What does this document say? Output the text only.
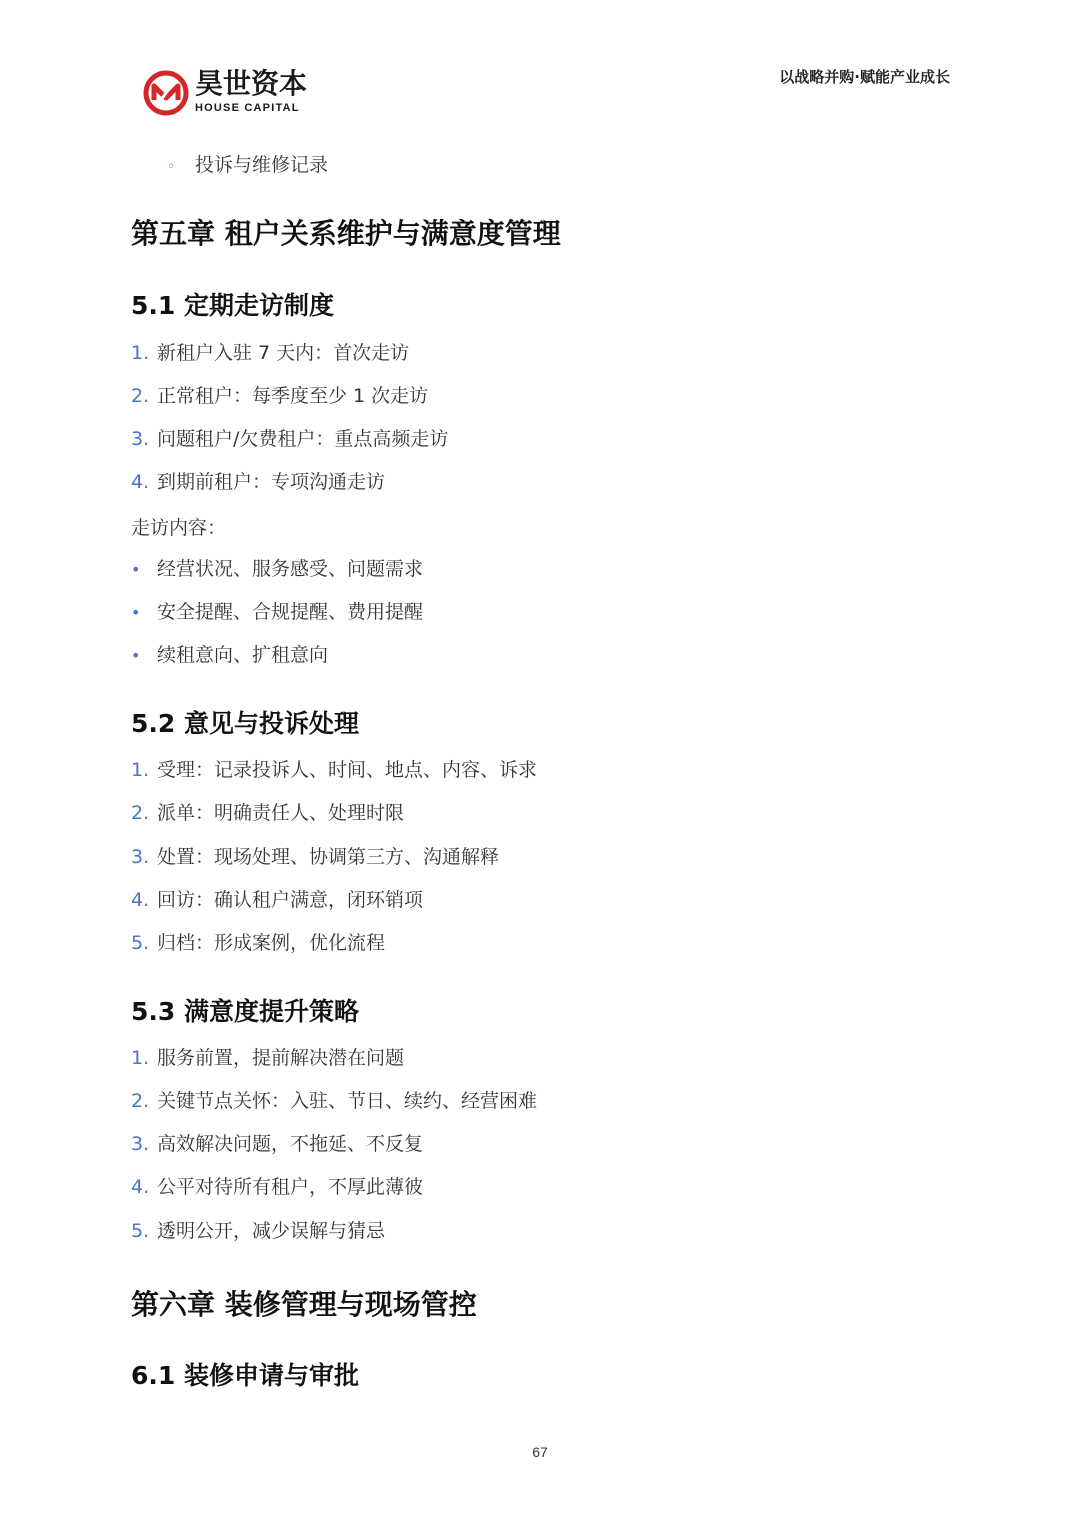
昊世资本
HOUSE CAPITAL
以战略并购·赋能产业成长
◦ 投诉与维修记录
第五章 租户关系维护与满意度管理
5.1 定期走访制度
1. 新租户入驻 7 天内：首次走访
2. 正常租户：每季度至少 1 次走访
3. 问题租户/欠费租户：重点高频走访
4. 到期前租户：专项沟通走访
走访内容：
• 经营状况、服务感受、问题需求
• 安全提醒、合规提醒、费用提醒
• 续租意向、扩租意向
5.2 意见与投诉处理
1. 受理：记录投诉人、时间、地点、内容、诉求
2. 派单：明确责任人、处理时限
3. 处置：现场处理、协调第三方、沟通解释
4. 回访：确认租户满意，闭环销项
5. 归档：形成案例，优化流程
5.3 满意度提升策略
1. 服务前置，提前解决潜在问题
2. 关键节点关怀：入驻、节日、续约、经营困难
3. 高效解决问题，不拖延、不反复
4. 公平对待所有租户，不厚此薄彼
5. 透明公开，减少误解与猜忌
第六章 装修管理与现场管控
6.1 装修申请与审批
67
